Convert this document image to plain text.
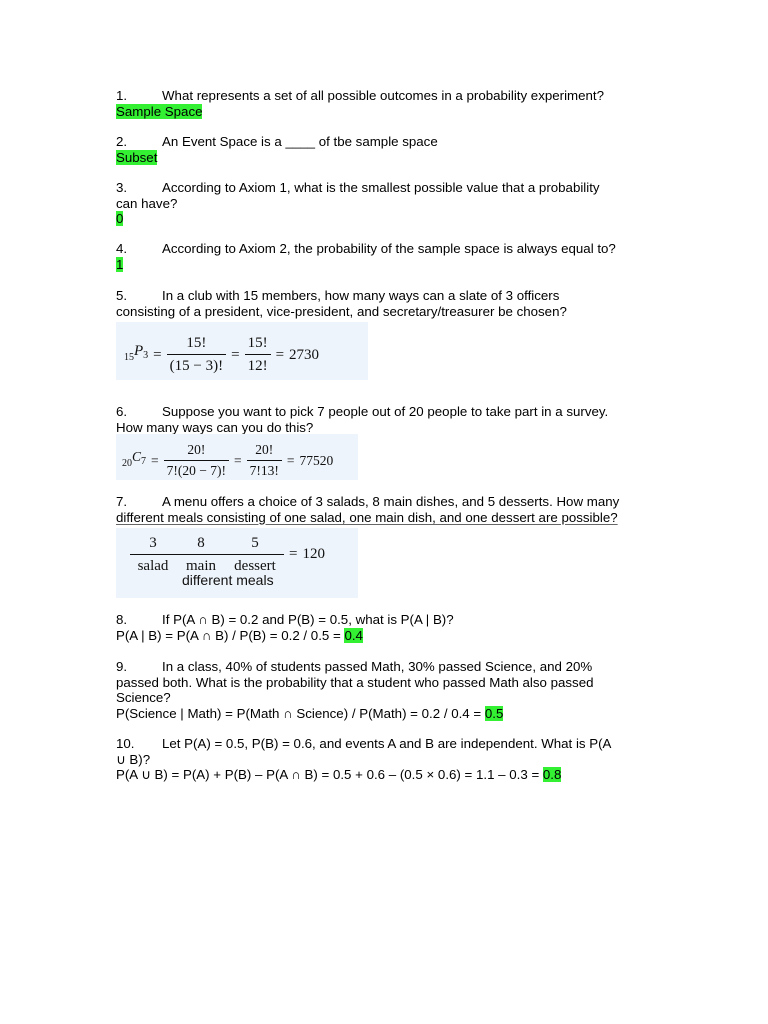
1.	What represents a set of all possible outcomes in a probability experiment?
Sample Space
2.	An Event Space is a ____ of tbe sample space
Subset
3.	According to Axiom 1, what is the smallest possible value that a probability
can have?
0
4.	According to Axiom 2, the probability of the sample space is always equal to?
1
5.	In a club with 15 members, how many ways can a slate of 3 officers
consisting of a president, vice-president, and secretary/treasurer be chosen?
$_{15}P_3 = \frac{15!}{(15 - 3)!} = \frac{15!}{12!} = 2730$
6.	Suppose you want to pick 7 people out of 20 people to take part in a survey.
How many ways can you do this?
$_{20}C_7 = \frac{20!}{7!(20 - 7)!} = \frac{20!}{7!13!} = 77520$
7.	A menu offers a choice of 3 salads, 8 main dishes, and 5 desserts. How many
different meals consisting of one salad, one main dish, and one dessert are possible?
$\frac{3}{\text{salad}} \frac{8}{\text{main}} \frac{5}{\text{dessert}} = 120$
different meals
8.	If P(A ∩ B) = 0.2 and P(B) = 0.5, what is P(A | B)?
P(A | B) = P(A ∩ B) / P(B) = 0.2 / 0.5 = 0.4
9.	In a class, 40% of students passed Math, 30% passed Science, and 20%
passed both. What is the probability that a student who passed Math also passed
Science?
P(Science | Math) = P(Math ∩ Science) / P(Math) = 0.2 / 0.4 = 0.5
10. Let P(A) = 0.5, P(B) = 0.6, and events A and B are independent. What is P(A
∪ B)?
P(A ∪ B) = P(A) + P(B) – P(A ∩ B) = 0.5 + 0.6 – (0.5 × 0.6) = 1.1 – 0.3 = 0.8
